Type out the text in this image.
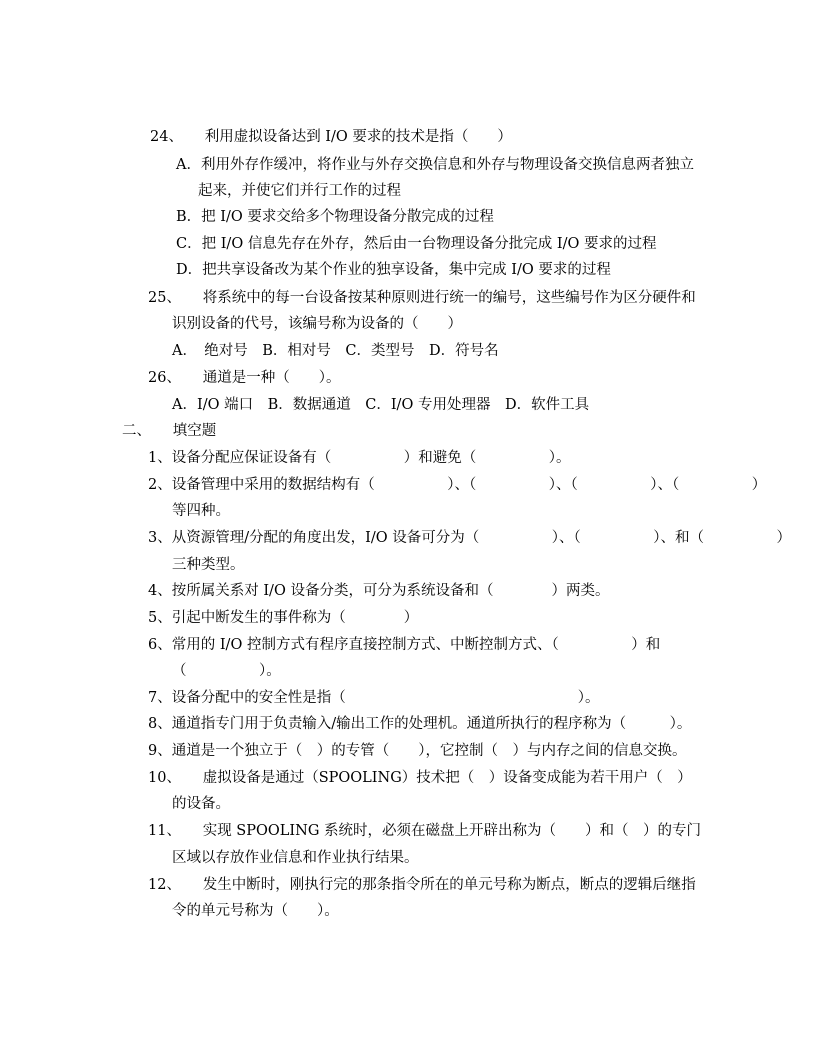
24、　　利用虚拟设备达到 I/O 要求的技术是指（　　）
A．利用外存作缓冲，将作业与外存交换信息和外存与物理设备交换信息两者独立
起来，并使它们并行工作的过程
B．把 I/O 要求交给多个物理设备分散完成的过程
C．把 I/O 信息先存在外存，然后由一台物理设备分批完成 I/O 要求的过程
D．把共享设备改为某个作业的独享设备，集中完成 I/O 要求的过程
25、　　将系统中的每一台设备按某种原则进行统一的编号，这些编号作为区分硬件和
识别设备的代号，该编号称为设备的（　　）
A．　绝对号　B．相对号　C．类型号　D．符号名
26、　　通道是一种（　　）。
A．I/O 端口　B．数据通道　C．I/O 专用处理器　D．软件工具
二、　　填空题
1、设备分配应保证设备有（　　　　　）和避免（　　　　　）。
2、设备管理中采用的数据结构有（　　　　　）、（　　　　　）、（　　　　　）、（　　　　　）
等四种。
3、从资源管理/分配的角度出发，I/O 设备可分为（　　　　　）、（　　　　　）、和（　　　　　）
三种类型。
4、按所属关系对 I/O 设备分类，可分为系统设备和（　　　　）两类。
5、引起中断发生的事件称为（　　　　）
6、常用的 I/O 控制方式有程序直接控制方式、中断控制方式、（　　　　　）和
（　　　　　）。
7、设备分配中的安全性是指（　　　　　　　　　　　　　　　　）。
8、通道指专门用于负责输入/输出工作的处理机。通道所执行的程序称为（　　　）。
9、通道是一个独立于（　）的专管（　　），它控制（　）与内存之间的信息交换。
10、　　虚拟设备是通过（SPOOLING）技术把（　）设备变成能为若干用户（　）
的设备。
11、　　实现 SPOOLING 系统时，必须在磁盘上开辟出称为（　　）和（　）的专门
区域以存放作业信息和作业执行结果。
12、　　发生中断时，刚执行完的那条指令所在的单元号称为断点，断点的逻辑后继指
令的单元号称为（　　）。
